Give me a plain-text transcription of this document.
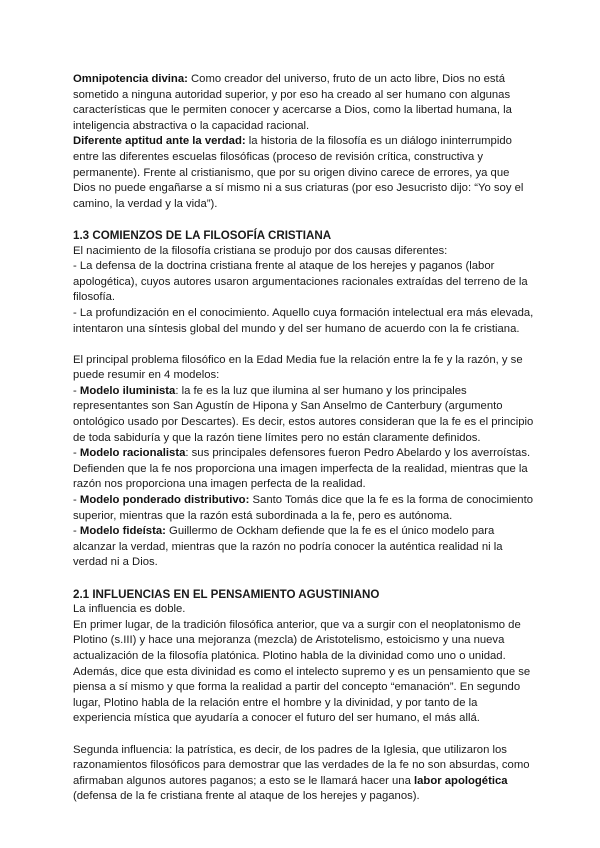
Omnipotencia divina: Como creador del universo, fruto de un acto libre, Dios no está sometido a ninguna autoridad superior, y por eso ha creado al ser humano con algunas características que le permiten conocer y acercarse a Dios, como la libertad humana, la inteligencia abstractiva o la capacidad racional.

Diferente aptitud ante la verdad: la historia de la filosofía es un diálogo ininterrumpido entre las diferentes escuelas filosóficas (proceso de revisión crítica, constructiva y permanente). Frente al cristianismo, que por su origen divino carece de errores, ya que Dios no puede engañarse a sí mismo ni a sus criaturas (por eso Jesucristo dijo: “Yo soy el camino, la verdad y la vida”).

1.3 COMIENZOS DE LA FILOSOFÍA CRISTIANA

El nacimiento de la filosofía cristiana se produjo por dos causas diferentes:

- La defensa de la doctrina cristiana frente al ataque de los herejes y paganos (labor apologética), cuyos autores usaron argumentaciones racionales extraídas del terreno de la filosofía.

- La profundización en el conocimiento. Aquello cuya formación intelectual era más elevada, intentaron una síntesis global del mundo y del ser humano de acuerdo con la fe cristiana.

El principal problema filosófico en la Edad Media fue la relación entre la fe y la razón, y se puede resumir en 4 modelos:

- Modelo iluminista: la fe es la luz que ilumina al ser humano y los principales representantes son San Agustín de Hipona y San Anselmo de Canterbury (argumento ontológico usado por Descartes). Es decir, estos autores consideran que la fe es el principio de toda sabiduría y que la razón tiene límites pero no están claramente definidos.

- Modelo racionalista: sus principales defensores fueron Pedro Abelardo y los averroístas. Defienden que la fe nos proporciona una imagen imperfecta de la realidad, mientras que la razón nos proporciona una imagen perfecta de la realidad.

- Modelo ponderado distributivo: Santo Tomás dice que la fe es la forma de conocimiento superior, mientras que la razón está subordinada a la fe, pero es autónoma.

- Modelo fideísta: Guillermo de Ockham defiende que la fe es el único modelo para alcanzar la verdad, mientras que la razón no podría conocer la auténtica realidad ni la verdad ni a Dios.

2.1 INFLUENCIAS EN EL PENSAMIENTO AGUSTINIANO

La influencia es doble.

En primer lugar, de la tradición filosófica anterior, que va a surgir con el neoplatonismo de Plotino (s.III) y hace una mejoranza (mezcla) de Aristotelismo, estoicismo y una nueva actualización de la filosofía platónica. Plotino habla de la divinidad como uno o unidad. Además, dice que esta divinidad es como el intelecto supremo y es un pensamiento que se piensa a sí mismo y que forma la realidad a partir del concepto “emanación”. En segundo lugar, Plotino habla de la relación entre el hombre y la divinidad, y por tanto de la experiencia mística que ayudaría a conocer el futuro del ser humano, el más allá.

Segunda influencia: la patrística, es decir, de los padres de la Iglesia, que utilizaron los razonamientos filosóficos para demostrar que las verdades de la fe no son absurdas, como afirmaban algunos autores paganos; a esto se le llamará hacer una labor apologética (defensa de la fe cristiana frente al ataque de los herejes y paganos).
